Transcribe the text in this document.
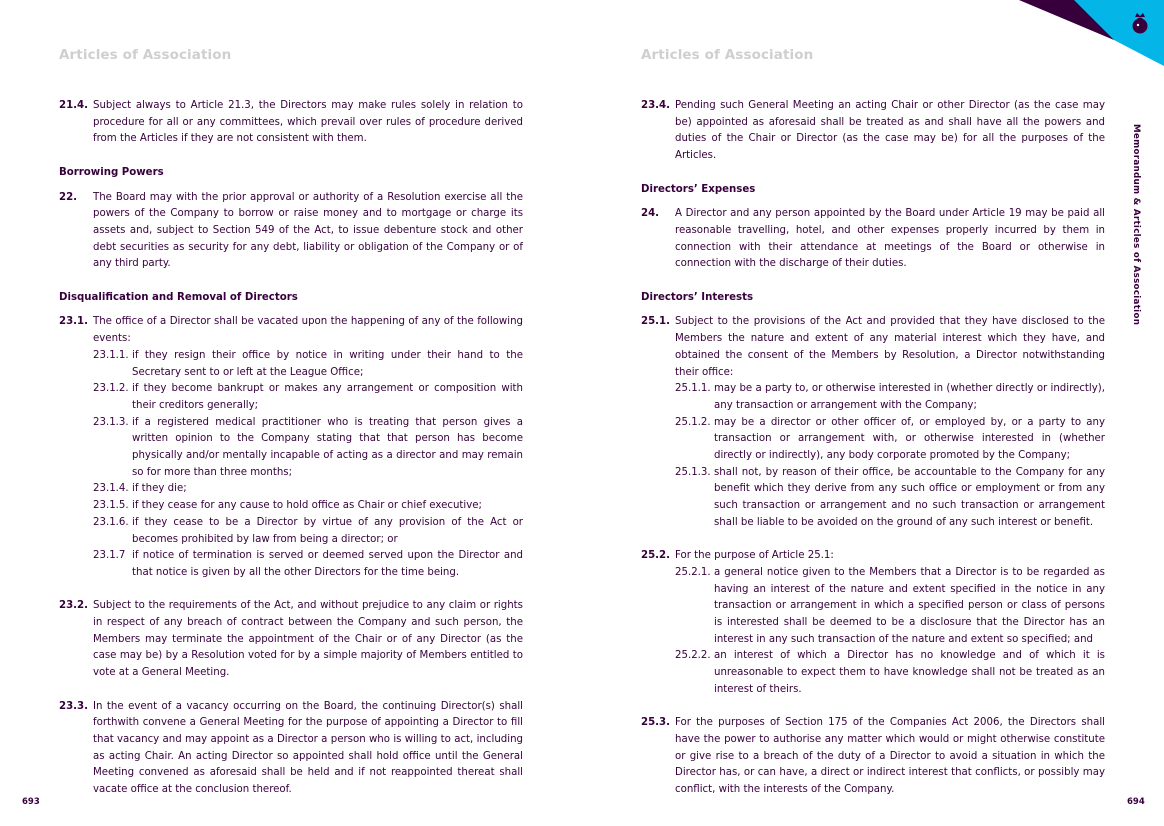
Articles of Association
21.4. Subject always to Article 21.3, the Directors may make rules solely in relation to procedure for all or any committees, which prevail over rules of procedure derived from the Articles if they are not consistent with them.
Borrowing Powers
22.	The Board may with the prior approval or authority of a Resolution exercise all the powers of the Company to borrow or raise money and to mortgage or charge its assets and, subject to Section 549 of the Act, to issue debenture stock and other debt securities as security for any debt, liability or obligation of the Company or of any third party.
Disqualification and Removal of Directors
23.1. The office of a Director shall be vacated upon the happening of any of the following events:
23.1.1. if they resign their office by notice in writing under their hand to the Secretary sent to or left at the League Office;
23.1.2. if they become bankrupt or makes any arrangement or composition with their creditors generally;
23.1.3. if a registered medical practitioner who is treating that person gives a written opinion to the Company stating that that person has become physically and/or mentally incapable of acting as a director and may remain so for more than three months;
23.1.4. if they die;
23.1.5. if they cease for any cause to hold office as Chair or chief executive;
23.1.6. if they cease to be a Director by virtue of any provision of the Act or becomes prohibited by law from being a director; or
23.1.7 if notice of termination is served or deemed served upon the Director and that notice is given by all the other Directors for the time being.
23.2. Subject to the requirements of the Act, and without prejudice to any claim or rights in respect of any breach of contract between the Company and such person, the Members may terminate the appointment of the Chair or of any Director (as the case may be) by a Resolution voted for by a simple majority of Members entitled to vote at a General Meeting.
23.3. In the event of a vacancy occurring on the Board, the continuing Director(s) shall forthwith convene a General Meeting for the purpose of appointing a Director to fill that vacancy and may appoint as a Director a person who is willing to act, including as acting Chair. An acting Director so appointed shall hold office until the General Meeting convened as aforesaid shall be held and if not reappointed thereat shall vacate office at the conclusion thereof.
693
Articles of Association
23.4. Pending such General Meeting an acting Chair or other Director (as the case may be) appointed as aforesaid shall be treated as and shall have all the powers and duties of the Chair or Director (as the case may be) for all the purposes of the Articles.
Directors’ Expenses
24.	A Director and any person appointed by the Board under Article 19 may be paid all reasonable travelling, hotel, and other expenses properly incurred by them in connection with their attendance at meetings of the Board or otherwise in connection with the discharge of their duties.
Directors’ Interests
25.1. Subject to the provisions of the Act and provided that they have disclosed to the Members the nature and extent of any material interest which they have, and obtained the consent of the Members by Resolution, a Director notwithstanding their office:
25.1.1. may be a party to, or otherwise interested in (whether directly or indirectly), any transaction or arrangement with the Company;
25.1.2. may be a director or other officer of, or employed by, or a party to any transaction or arrangement with, or otherwise interested in (whether directly or indirectly), any body corporate promoted by the Company;
25.1.3. shall not, by reason of their office, be accountable to the Company for any benefit which they derive from any such office or employment or from any such transaction or arrangement and no such transaction or arrangement shall be liable to be avoided on the ground of any such interest or benefit.
25.2. For the purpose of Article 25.1:
25.2.1. a general notice given to the Members that a Director is to be regarded as having an interest of the nature and extent specified in the notice in any transaction or arrangement in which a specified person or class of persons is interested shall be deemed to be a disclosure that the Director has an interest in any such transaction of the nature and extent so specified; and
25.2.2. an interest of which a Director has no knowledge and of which it is unreasonable to expect them to have knowledge shall not be treated as an interest of theirs.
25.3. For the purposes of Section 175 of the Companies Act 2006, the Directors shall have the power to authorise any matter which would or might otherwise constitute or give rise to a breach of the duty of a Director to avoid a situation in which the Director has, or can have, a direct or indirect interest that conflicts, or possibly may conflict, with the interests of the Company.
694
Memorandum & Articles of Association
